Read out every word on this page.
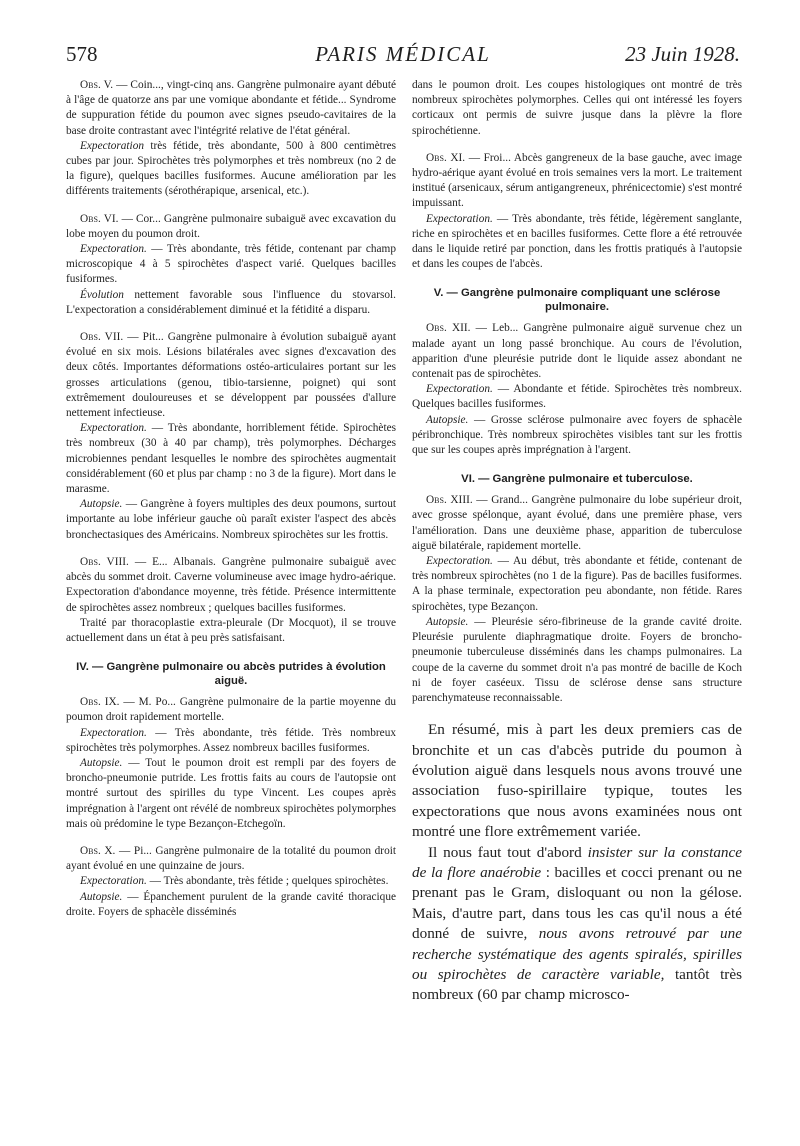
578	PARIS MÉDICAL	23 Juin 1928.

Obs. V. — Coin..., vingt-cinq ans. Gangrène pulmonaire ayant débuté à l'âge de quatorze ans par une vomique abondante et fétide... Syndrome de suppuration fétide du poumon avec signes pseudo-cavitaires de la base droite contrastant avec l'intégrité relative de l'état général.

Expectoration très fétide, très abondante, 500 à 800 centimètres cubes par jour. Spirochètes très polymorphes et très nombreux (no 2 de la figure), quelques bacilles fusiformes. Aucune amélioration par les différents traitements (sérothérapique, arsenical, etc.).

Obs. VI. — Cor... Gangrène pulmonaire subaiguë avec excavation du lobe moyen du poumon droit.

Expectoration. — Très abondante, très fétide, contenant par champ microscopique 4 à 5 spirochètes d'aspect varié. Quelques bacilles fusiformes.

Évolution nettement favorable sous l'influence du stovarsol. L'expectoration a considérablement diminué et la fétidité a disparu.

Obs. VII. — Pit... Gangrène pulmonaire à évolution subaiguë ayant évolué en six mois. Lésions bilatérales avec signes d'excavation des deux côtés. Importantes déformations ostéo-articulaires portant sur les grosses articulations (genou, tibio-tarsienne, poignet) qui sont extrêmement douloureuses et se développent par poussées d'allure nettement infectieuse.

Expectoration. — Très abondante, horriblement fétide. Spirochètes très nombreux (30 à 40 par champ), très polymorphes. Décharges microbiennes pendant lesquelles le nombre des spirochètes augmentait considérablement (60 et plus par champ : no 3 de la figure). Mort dans le marasme.

Autopsie. — Gangrène à foyers multiples des deux poumons, surtout importante au lobe inférieur gauche où paraît exister l'aspect des abcès bronchectasiques des Américains. Nombreux spirochètes sur les frottis.

Obs. VIII. — E... Albanais. Gangrène pulmonaire subaiguë avec abcès du sommet droit. Caverne volumineuse avec image hydro-aérique. Expectoration d'abondance moyenne, très fétide. Présence intermittente de spirochètes assez nombreux ; quelques bacilles fusiformes.

Traité par thoracoplastie extra-pleurale (Dr Mocquot), il se trouve actuellement dans un état à peu près satisfaisant.

IV. — Gangrène pulmonaire ou abcès putrides à évolution aiguë.

Obs. IX. — M. Po... Gangrène pulmonaire de la partie moyenne du poumon droit rapidement mortelle.

Expectoration. — Très abondante, très fétide. Très nombreux spirochètes très polymorphes. Assez nombreux bacilles fusiformes.

Autopsie. — Tout le poumon droit est rempli par des foyers de broncho-pneumonie putride. Les frottis faits au cours de l'autopsie ont montré surtout des spirilles du type Vincent. Les coupes après imprégnation à l'argent ont révélé de nombreux spirochètes polymorphes mais où prédomine le type Bezançon-Etchegoïn.

Obs. X. — Pi... Gangrène pulmonaire de la totalité du poumon droit ayant évolué en une quinzaine de jours.

Expectoration. — Très abondante, très fétide ; quelques spirochètes.

Autopsie. — Épanchement purulent de la grande cavité thoracique droite. Foyers de sphacèle disséminés

dans le poumon droit. Les coupes histologiques ont montré de très nombreux spirochètes polymorphes. Celles qui ont intéressé les foyers corticaux ont permis de suivre jusque dans la plèvre la flore spirochétienne.

Obs. XI. — Froi... Abcès gangreneux de la base gauche, avec image hydro-aérique ayant évolué en trois semaines vers la mort. Le traitement institué (arsenicaux, sérum antigangreneux, phrénicectomie) s'est montré impuissant.

Expectoration. — Très abondante, très fétide, légèrement sanglante, riche en spirochètes et en bacilles fusiformes. Cette flore a été retrouvée dans le liquide retiré par ponction, dans les frottis pratiqués à l'autopsie et dans les coupes de l'abcès.

V. — Gangrène pulmonaire compliquant une sclérose pulmonaire.

Obs. XII. — Leb... Gangrène pulmonaire aiguë survenue chez un malade ayant un long passé bronchique. Au cours de l'évolution, apparition d'une pleurésie putride dont le liquide assez abondant ne contenait pas de spirochètes.

Expectoration. — Abondante et fétide. Spirochètes très nombreux. Quelques bacilles fusiformes.

Autopsie. — Grosse sclérose pulmonaire avec foyers de sphacèle péribronchique. Très nombreux spirochètes visibles tant sur les frottis que sur les coupes après imprégnation à l'argent.

VI. — Gangrène pulmonaire et tuberculose.

Obs. XIII. — Grand... Gangrène pulmonaire du lobe supérieur droit, avec grosse spélonque, ayant évolué, dans une première phase, vers l'amélioration. Dans une deuxième phase, apparition de tuberculose aiguë bilatérale, rapidement mortelle.

Expectoration. — Au début, très abondante et fétide, contenant de très nombreux spirochètes (no 1 de la figure). Pas de bacilles fusiformes. A la phase terminale, expectoration peu abondante, non fétide. Rares spirochètes, type Bezançon.

Autopsie. — Pleurésie séro-fibrineuse de la grande cavité droite. Pleurésie purulente diaphragmatique droite. Foyers de broncho-pneumonie tuberculeuse disséminés dans les champs pulmonaires. La coupe de la caverne du sommet droit n'a pas montré de bacille de Koch ni de foyer caséeux. Tissu de sclérose dense sans structure parenchymateuse reconnaissable.

En résumé, mis à part les deux premiers cas de bronchite et un cas d'abcès putride du poumon à évolution aiguë dans lesquels nous avons trouvé une association fuso-spirillaire typique, toutes les expectorations que nous avons examinées nous ont montré une flore extrêmement variée.

Il nous faut tout d'abord insister sur la constance de la flore anaérobie : bacilles et cocci prenant ou ne prenant pas le Gram, disloquant ou non la gélose. Mais, d'autre part, dans tous les cas qu'il nous a été donné de suivre, nous avons retrouvé par une recherche systématique des agents spiralés, spirilles ou spirochètes de caractère variable, tantôt très nombreux (60 par champ microsco-
